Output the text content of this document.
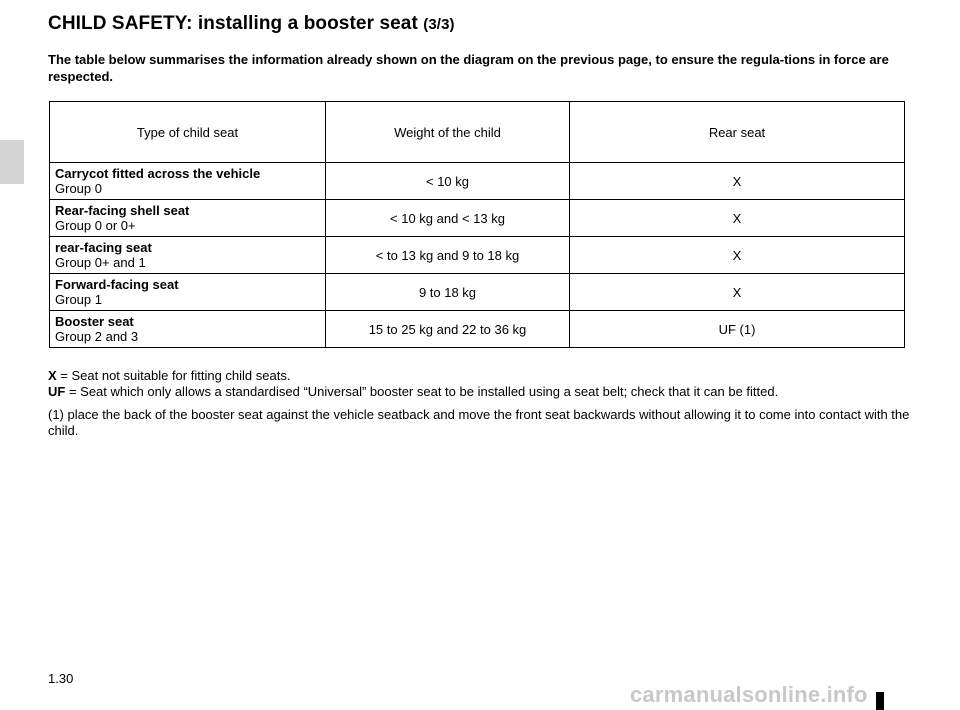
CHILD SAFETY: installing a booster seat (3/3)

The table below summarises the information already shown on the diagram on the previous page, to ensure the regula-tions in force are respected.

Type of child seat	Weight of the child	Rear seat

Carrycot fitted across the vehicle
Group 0	< 10 kg	X

Rear-facing shell seat
Group 0 or 0+	< 10 kg and < 13 kg	X

rear-facing seat
Group 0+ and 1	< to 13 kg and 9 to 18 kg	X

Forward-facing seat
Group 1	9 to 18 kg	X

Booster seat
Group 2 and 3	15 to 25 kg and 22 to 36 kg	UF (1)

X = Seat not suitable for fitting child seats.

UF = Seat which only allows a standardised “Universal” booster seat to be installed using a seat belt; check that it can be fitted.

(1) place the back of the booster seat against the vehicle seatback and move the front seat backwards without allowing it to come into contact with the child.

1.30
carmanualsonline.info
